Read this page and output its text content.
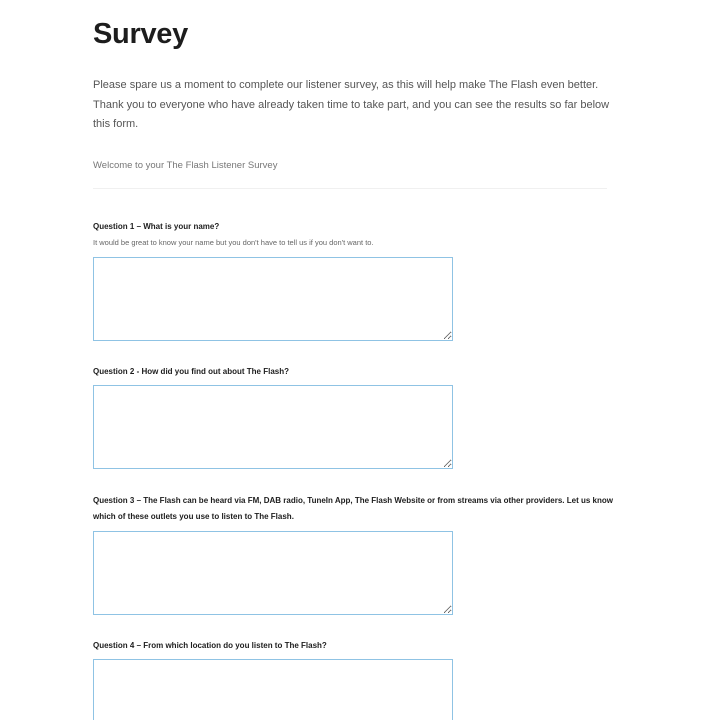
Survey

Please spare us a moment to complete our listener survey, as this will help make The Flash even better. Thank you to everyone who have already taken time to take part, and you can see the results so far below this form.

Welcome to your The Flash Listener Survey
Question 1 – What is your name?
It would be great to know your name but you don't have to tell us if you don't want to.
Question 2 - How did you find out about The Flash?
Question 3 – The Flash can be heard via FM, DAB radio, TuneIn App, The Flash Website or from streams via other providers. Let us know which of these outlets you use to listen to The Flash.
Question 4 – From which location do you listen to The Flash?
